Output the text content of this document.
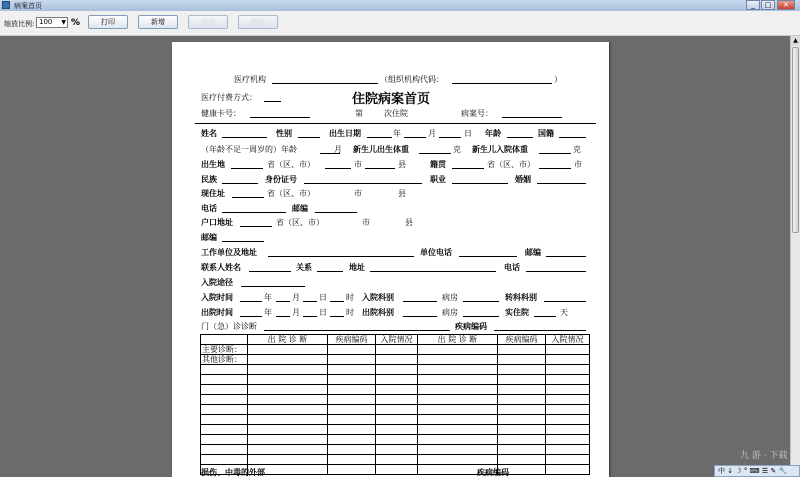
病案首页	_	□	✕
缩放比例: 100 ▼ %	打印	新增	保存	删除
▲
医疗机构	（组织机构代码：	）
医疗付费方式：	住院病案首页
健康卡号：	第	次住院	病案号：
姓名	性别	出生日期	年	月	日 年龄	国籍
（年龄不足一周岁的）年龄	月 新生儿出生体重	克 新生儿入院体重	克
出生地	省（区、市）	市	县	籍贯	省（区、市）	市
民族	身份证号	职业	婚姻
现住址	省（区、市）	市	县
电话	邮编
户口地址	省（区、市）	市	县
邮编
工作单位及地址	单位电话	邮编
联系人姓名	关系	地址	电话
入院途径
入院时间	年	月 日 时 入院科别	病房	转科科别
出院时间	年	月 日 时 出院科别	病房	实住院	天
门（急）诊诊断	疾病编码
	出 院 诊 断	疾病编码	入院情况	出 院 诊 断	疾病编码	入院情况
主要诊断：						
其他诊断：						

损伤、中毒的外部	疾病编码
九 游 · 下载
中 ↓ ☽ ° ⌨ ☰ ✎ 🔧
